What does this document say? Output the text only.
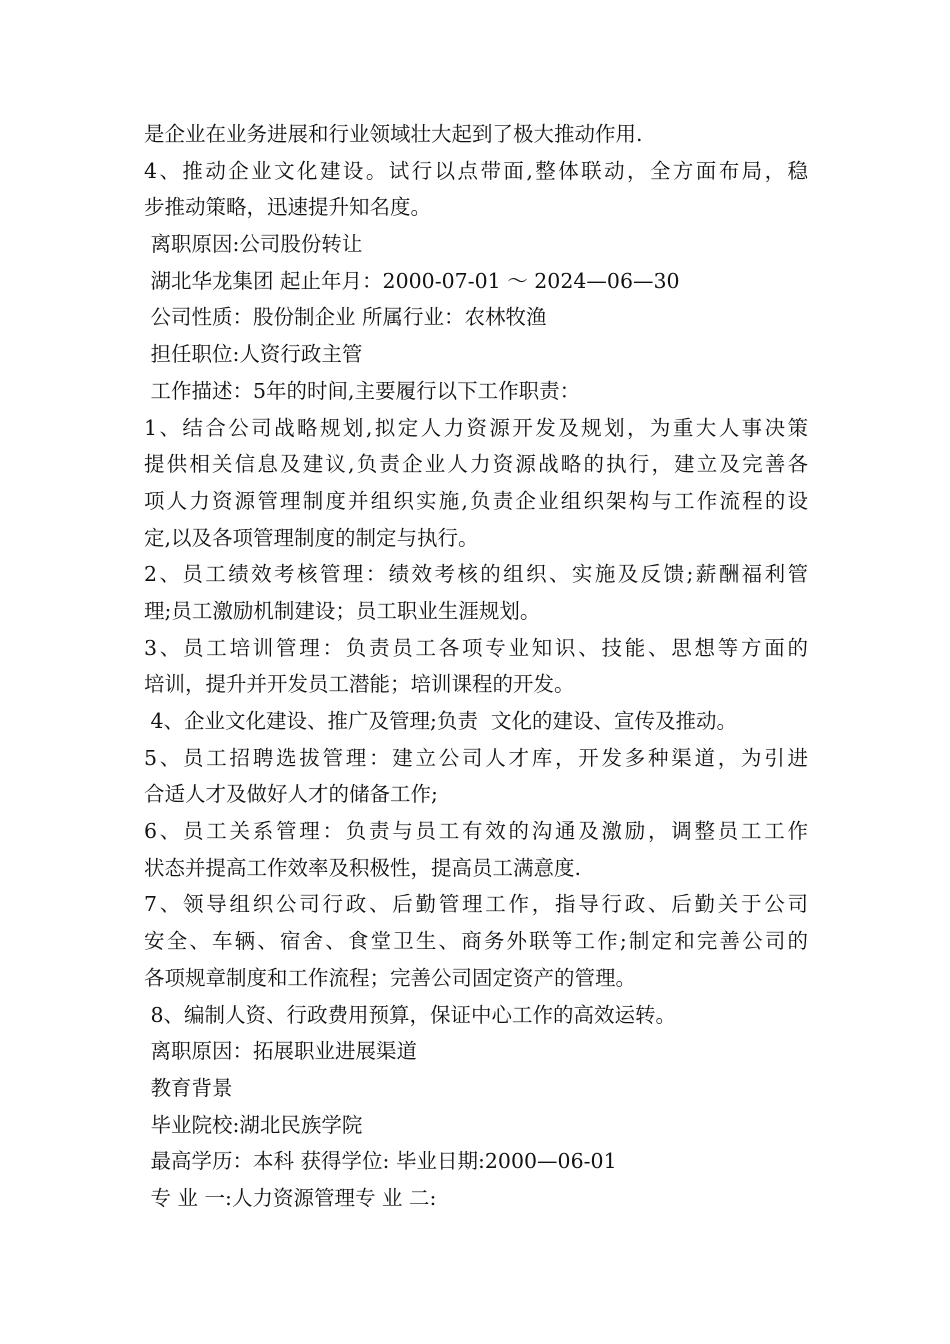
是企业在业务进展和行业领域壮大起到了极大推动作用.
4、推动企业文化建设。试行以点带面,整体联动，全方面布局，稳
步推动策略，迅速提升知名度。
离职原因:公司股份转让
湖北华龙集团 起止年月：2000-07-01 ～ 2024—06—30
公司性质：股份制企业 所属行业：农林牧渔
担任职位:人资行政主管
工作描述：5年的时间,主要履行以下工作职责：
1、结合公司战略规划,拟定人力资源开发及规划，为重大人事决策
提供相关信息及建议,负责企业人力资源战略的执行，建立及完善各
项人力资源管理制度并组织实施,负责企业组织架构与工作流程的设
定,以及各项管理制度的制定与执行。
2、员工绩效考核管理：绩效考核的组织、实施及反馈;薪酬福利管
理;员工激励机制建设；员工职业生涯规划。
3、员工培训管理：负责员工各项专业知识、技能、思想等方面的
培训，提升并开发员工潜能；培训课程的开发。
4、企业文化建设、推广及管理;负责  文化的建设、宣传及推动。
5、员工招聘选拔管理：建立公司人才库，开发多种渠道，为引进
合适人才及做好人才的储备工作;
6、员工关系管理：负责与员工有效的沟通及激励，调整员工工作
状态并提高工作效率及积极性，提高员工满意度.
7、领导组织公司行政、后勤管理工作，指导行政、后勤关于公司
安全、车辆、宿舍、食堂卫生、商务外联等工作;制定和完善公司的
各项规章制度和工作流程；完善公司固定资产的管理。
8、编制人资、行政费用预算，保证中心工作的高效运转。
离职原因：拓展职业进展渠道
教育背景
毕业院校:湖北民族学院
最高学历：本科 获得学位: 毕业日期:2000—06-01
专 业 一:人力资源管理专 业 二:
